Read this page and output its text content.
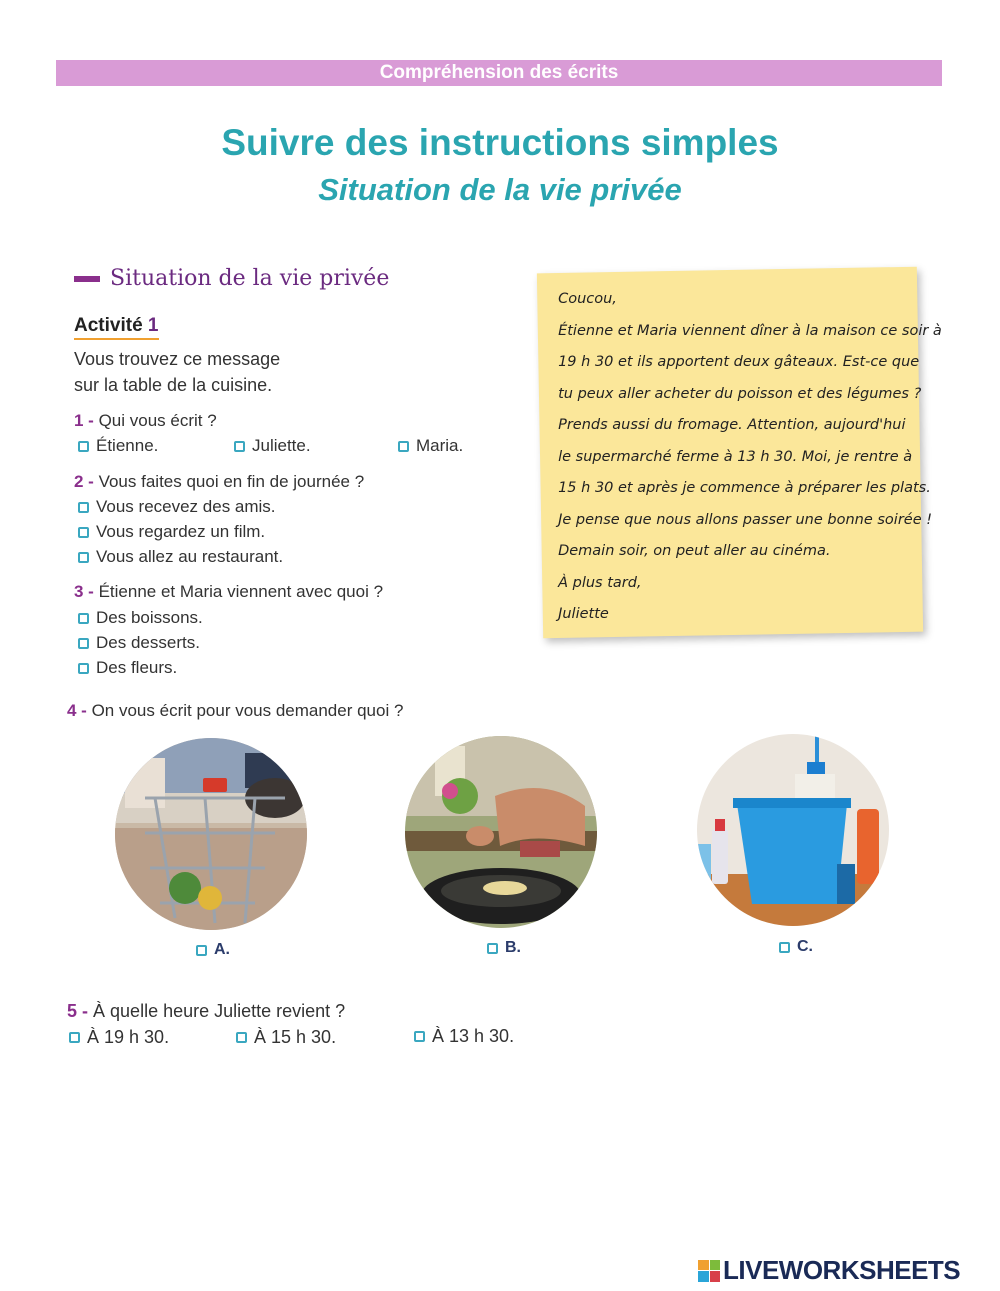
Compréhension des écrits
Suivre des instructions simples
Situation de la vie privée
Situation de la vie privée
Activité 1
Vous trouvez ce message
sur la table de la cuisine.
1 - Qui vous écrit ?
Étienne.	Juliette.	Maria.
2 - Vous faites quoi en fin de journée ?
Vous recevez des amis.
Vous regardez un film.
Vous allez au restaurant.
3 - Étienne et Maria viennent avec quoi ?
Des boissons.
Des desserts.
Des fleurs.
Coucou,
Étienne et Maria viennent dîner à la maison ce soir à
19 h 30 et ils apportent deux gâteaux. Est-ce que
tu peux aller acheter du poisson et des légumes ?
Prends aussi du fromage. Attention, aujourd'hui
le supermarché ferme à 13 h 30. Moi, je rentre à
15 h 30 et après je commence à préparer les plats.
Je pense que nous allons passer une bonne soirée !
Demain soir, on peut aller au cinéma.
À plus tard,
Juliette
4 - On vous écrit pour vous demander quoi ?
A.	B.	C.
5 - À quelle heure Juliette revient ?
À 19 h 30.	À 15 h 30.	À 13 h 30.
LIVEWORKSHEETS
